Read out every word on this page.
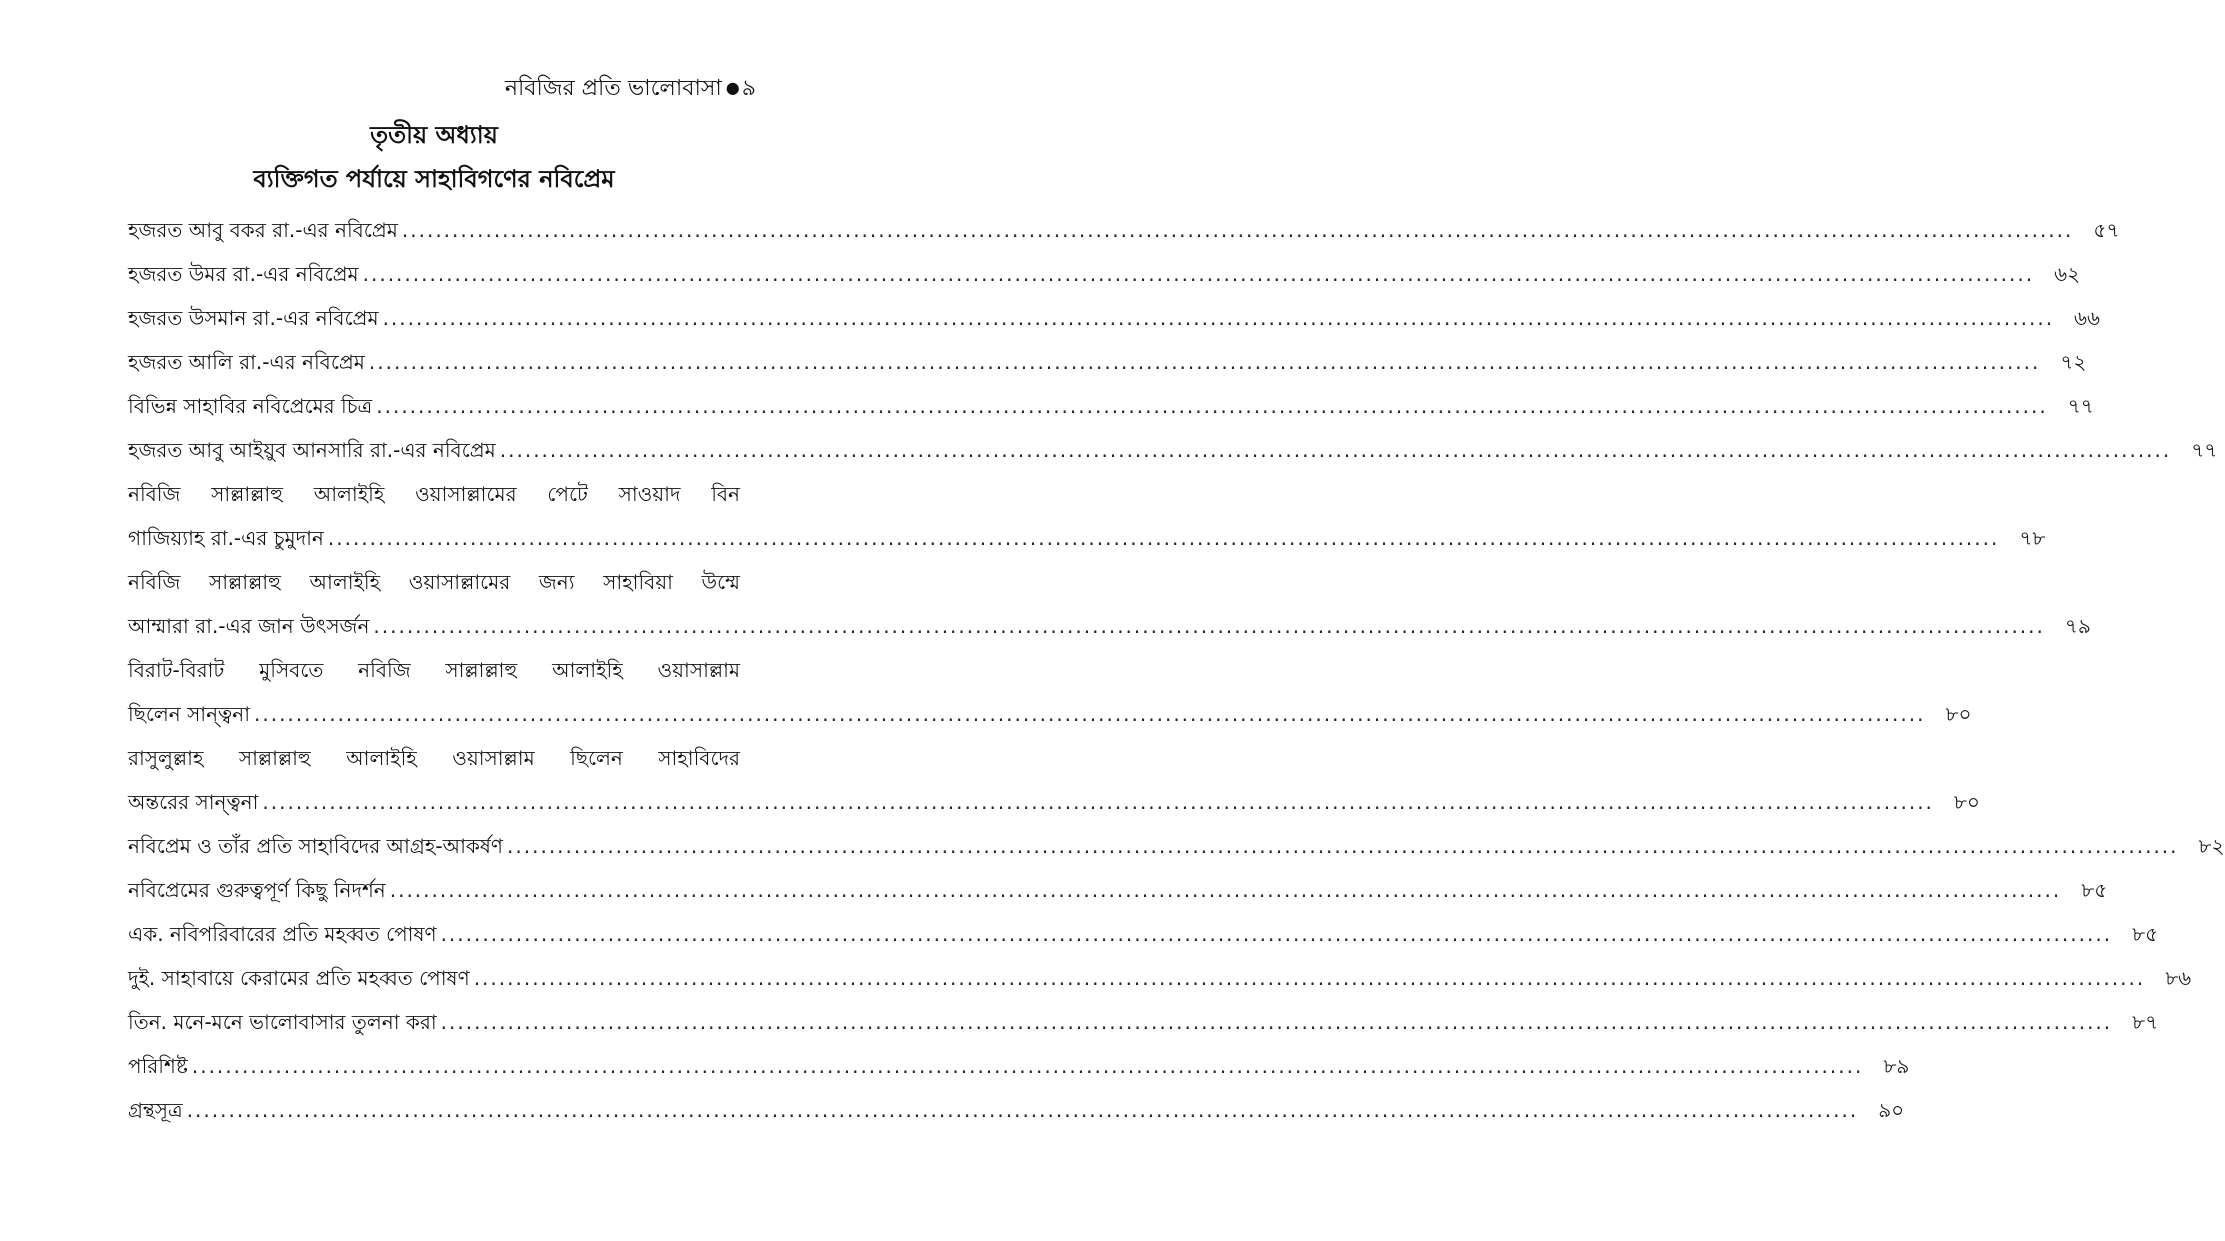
নবিজির প্রতি ভালোবাসা ●৯
তৃতীয় অধ্যায়
ব্যক্তিগত পর্যায়ে সাহাবিগণের নবিপ্রেম
হজরত আবু বকর রা.-এর নবিপ্রেম ........................................................................................................................................................................................................	৫৭
হজরত উমর রা.-এর নবিপ্রেম ........................................................................................................................................................................................................ ৬২
হজরত উসমান রা.-এর নবিপ্রেম ........................................................................................................................................................................................................ ৬৬
হজরত আলি রা.-এর নবিপ্রেম ........................................................................................................................................................................................................ ৭২
বিভিন্ন সাহাবির নবিপ্রেমের চিত্র ........................................................................................................................................................................................................ ৭৭
হজরত আবু আইয়ুব আনসারি রা.-এর নবিপ্রেম ........................................................................................................................................................................................................ ৭৭
নবিজি সাল্লাল্লাহু আলাইহি ওয়াসাল্লামের পেটে সাওয়াদ বিন
গাজিয়্যাহ রা.-এর চুমুদান ........................................................................................................................................................................................................	৭৮
নবিজি সাল্লাল্লাহু আলাইহি ওয়াসাল্লামের জন্য সাহাবিয়া উম্মে
আম্মারা রা.-এর জান উৎসর্জন ........................................................................................................................................................................................................	৭৯
বিরাট-বিরাট মুসিবতে নবিজি সাল্লাল্লাহু আলাইহি ওয়াসাল্লাম
ছিলেন সান্ত্বনা ........................................................................................................................................................................................................	৮০
রাসুলুল্লাহ সাল্লাল্লাহু আলাইহি ওয়াসাল্লাম ছিলেন সাহাবিদের
অন্তরের সান্ত্বনা ........................................................................................................................................................................................................	৮০
নবিপ্রেম ও তাঁর প্রতি সাহাবিদের আগ্রহ-আকর্ষণ ........................................................................................................................................................................................................	৮২
নবিপ্রেমের গুরুত্বপূর্ণ কিছু নিদর্শন ........................................................................................................................................................................................................	৮৫
এক. নবিপরিবারের প্রতি মহব্বত পোষণ ........................................................................................................................................................................................................	৮৫
দুই. সাহাবায়ে কেরামের প্রতি মহব্বত পোষণ ........................................................................................................................................................................................................	৮৬
তিন. মনে-মনে ভালোবাসার তুলনা করা ........................................................................................................................................................................................................	৮৭
পরিশিষ্ট ........................................................................................................................................................................................................	৮৯
গ্রন্থসূত্র ........................................................................................................................................................................................................	৯০
